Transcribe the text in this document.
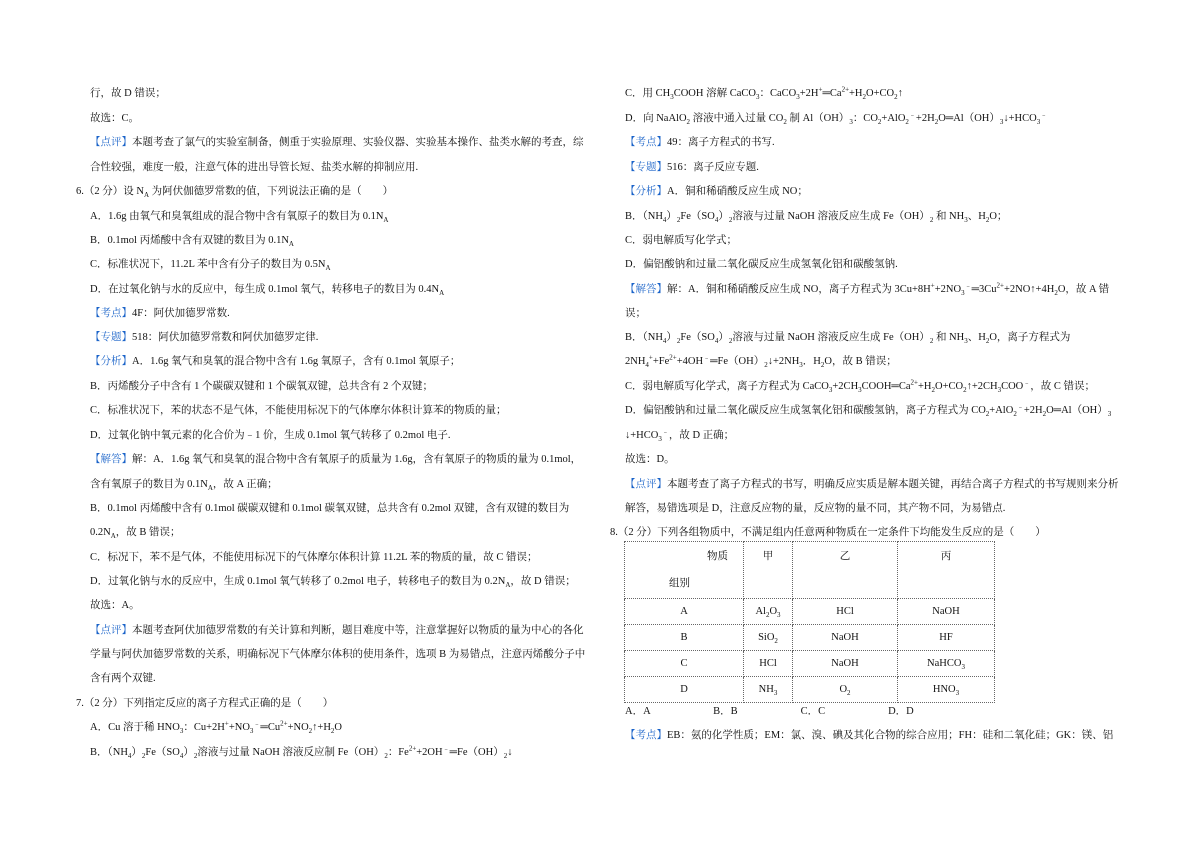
行，故 D 错误；
故选：C。
【点评】本题考查了氯气的实验室制备，侧重于实验原理、实验仪器、实验基本操作、盐类水解的考查，综
合性较强，难度一般，注意气体的进出导管长短、盐类水解的抑制应用.
6.（2 分）设 $N_A$ 为阿伏伽德罗常数的值，下列说法正确的是（　　）
A．1.6g 由氧气和臭氧组成的混合物中含有氧原子的数目为 $0.1N_A$
B．0.1mol 丙烯酸中含有双键的数目为 $0.1N_A$
C．标准状况下，11.2L 苯中含有分子的数目为 $0.5N_A$
D．在过氧化钠与水的反应中，每生成 0.1mol 氧气，转移电子的数目为 $0.4N_A$
【考点】4F：阿伏加德罗常数.
【专题】518：阿伏加德罗常数和阿伏加德罗定律.
【分析】A．1.6g 氧气和臭氧的混合物中含有 1.6g 氧原子，含有 0.1mol 氧原子；
B．丙烯酸分子中含有 1 个碳碳双键和 1 个碳氧双键，总共含有 2 个双键；
C．标准状况下，苯的状态不是气体，不能使用标况下的气体摩尔体积计算苯的物质的量；
D．过氧化钠中氧元素的化合价为﹣1 价，生成 0.1mol 氧气转移了 0.2mol 电子.
【解答】解：A．1.6g 氧气和臭氧的混合物中含有氧原子的质量为 1.6g，含有氧原子的物质的量为 0.1mol，
含有氧原子的数目为 $0.1N_A$，故 A 正确；
B．0.1mol 丙烯酸中含有 0.1mol 碳碳双键和 0.1mol 碳氧双键，总共含有 0.2mol 双键，含有双键的数目为
$0.2N_A$，故 B 错误；
C．标况下，苯不是气体，不能使用标况下的气体摩尔体积计算 11.2L 苯的物质的量，故 C 错误；
D．过氧化钠与水的反应中，生成 0.1mol 氧气转移了 0.2mol 电子，转移电子的数目为 $0.2N_A$，故 D 错误；
故选：A。
【点评】本题考查阿伏加德罗常数的有关计算和判断，题目难度中等，注意掌握好以物质的量为中心的各化
学量与阿伏加德罗常数的关系，明确标况下气体摩尔体积的使用条件，选项 B 为易错点，注意丙烯酸分子中
含有两个双键.
7.（2 分）下列指定反应的离子方程式正确的是（　　）
A．Cu 溶于稀 $HNO_3$：$Cu+2H^++NO_3^﹣═Cu^{2+}+NO_2↑+H_2O$
B．$(NH_4)_2Fe(SO_4)_2$溶液与过量 NaOH 溶液反应制 $Fe(OH)_2$：$Fe^{2+}+2OH^﹣═Fe(OH)_2↓$
C．用 $CH_3COOH$ 溶解 CaCO$_3$：$CaCO_3+2H^+═Ca^{2+}+H_2O+CO_2↑$
D．向 NaAlO$_2$ 溶液中通入过量 $CO_2$ 制 $Al(OH)_3$：$CO_2+AlO_2^﹣+2H_2O═Al(OH)_3↓+HCO_3^﹣$
【考点】49：离子方程式的书写.
【专题】516：离子反应专题.
【分析】A．铜和稀硝酸反应生成 NO；
B．$(NH_4)_2Fe(SO_4)_2$溶液与过量 NaOH 溶液反应生成 $Fe(OH)_2$ 和 $NH_3$、$H_2O$；
C．弱电解质写化学式；
D．偏铝酸钠和过量二氧化碳反应生成氢氧化铝和碳酸氢钠.
【解答】解：A．铜和稀硝酸反应生成 NO，离子方程式为 $3Cu+8H^++2NO_3^﹣═3Cu^{2+}+2NO↑+4H_2O$，故 A 错
误；
B．$(NH_4)_2Fe(SO_4)_2$溶液与过量 NaOH 溶液反应生成 $Fe(OH)_2$ 和 $NH_3$、$H_2O$，离子方程式为
$2NH_4^++Fe^{2+}+4OH^﹣═Fe(OH)_2↓+2NH_3$．$H_2O$，故 B 错误；
C．弱电解质写化学式，离子方程式为 $CaCO_3+2CH_3COOH═Ca^{2+}+H_2O+CO_2↑+2CH_3COO^﹣$，故 C 错误；
D．偏铝酸钠和过量二氧化碳反应生成氢氧化铝和碳酸氢钠，离子方程式为 $CO_2+AlO_2^﹣+2H_2O═Al(OH)_3$
$↓+HCO_3^﹣$，故 D 正确；
故选：D。
【点评】本题考查了离子方程式的书写，明确反应实质是解本题关键，再结合离子方程式的书写规则来分析
解答，易错选项是 D，注意反应物的量，反应物的量不同，其产物不同，为易错点.
8.（2 分）下列各组物质中，不满足组内任意两种物质在一定条件下均能发生反应的是（　　）
A．A　　　　　　B．B　　　　　　C．C　　　　　　D．D
【考点】EB：氨的化学性质；EM：氯、溴、碘及其化合物的综合应用；FH：硅和二氧化硅；GK：镁、铝
物质
组别	甲	乙	丙
A	$Al_2O_3$	HCl	NaOH
B	SiO$_2$	NaOH	HF
C	HCl	NaOH	NaHCO$_3$
D	$NH_3$	$O_2$	$HNO_3$
